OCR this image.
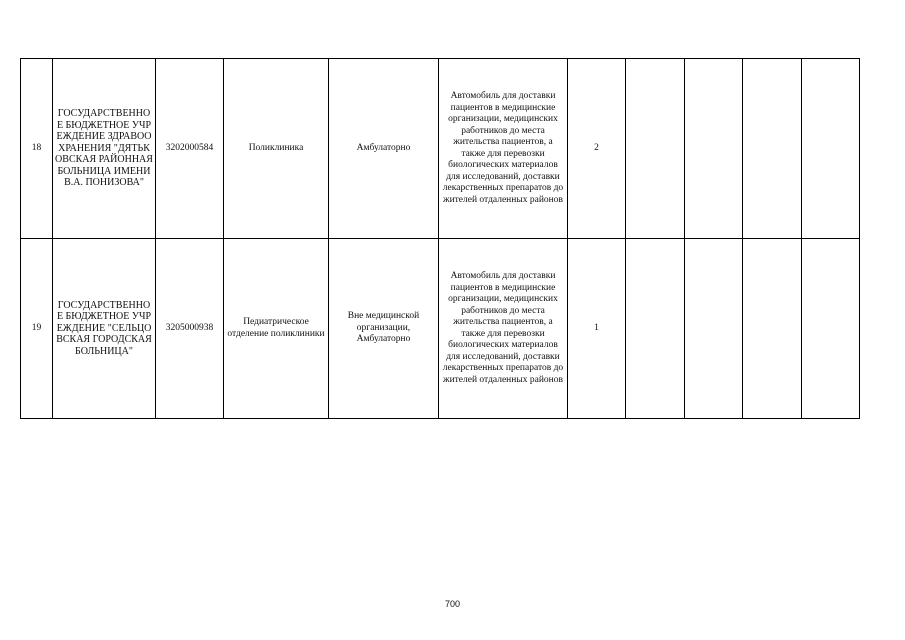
18	ГОСУДАРСТВЕННОЕ БЮДЖЕТНОЕ УЧРЕЖДЕНИЕ ЗДРАВООХРАНЕНИЯ "ДЯТЬКОВСКАЯ РАЙОННАЯ БОЛЬНИЦА ИМЕНИ В.А. ПОНИЗОВА"	3202000584	Поликлиника	Амбулаторно	Автомобиль для доставки пациентов в медицинские организации, медицинских работников до места жительства пациентов, а также для перевозки биологических материалов для исследований, доставки лекарственных препаратов до жителей отдаленных районов	2				
19	ГОСУДАРСТВЕННОЕ БЮДЖЕТНОЕ УЧРЕЖДЕНИЕ "СЕЛЬЦОВСКАЯ ГОРОДСКАЯ БОЛЬНИЦА"	3205000938	Педиатрическое отделение поликлиники	Вне медицинской организации, Амбулаторно	Автомобиль для доставки пациентов в медицинские организации, медицинских работников до места жительства пациентов, а также для перевозки биологических материалов для исследований, доставки лекарственных препаратов до жителей отдаленных районов	1				
700
